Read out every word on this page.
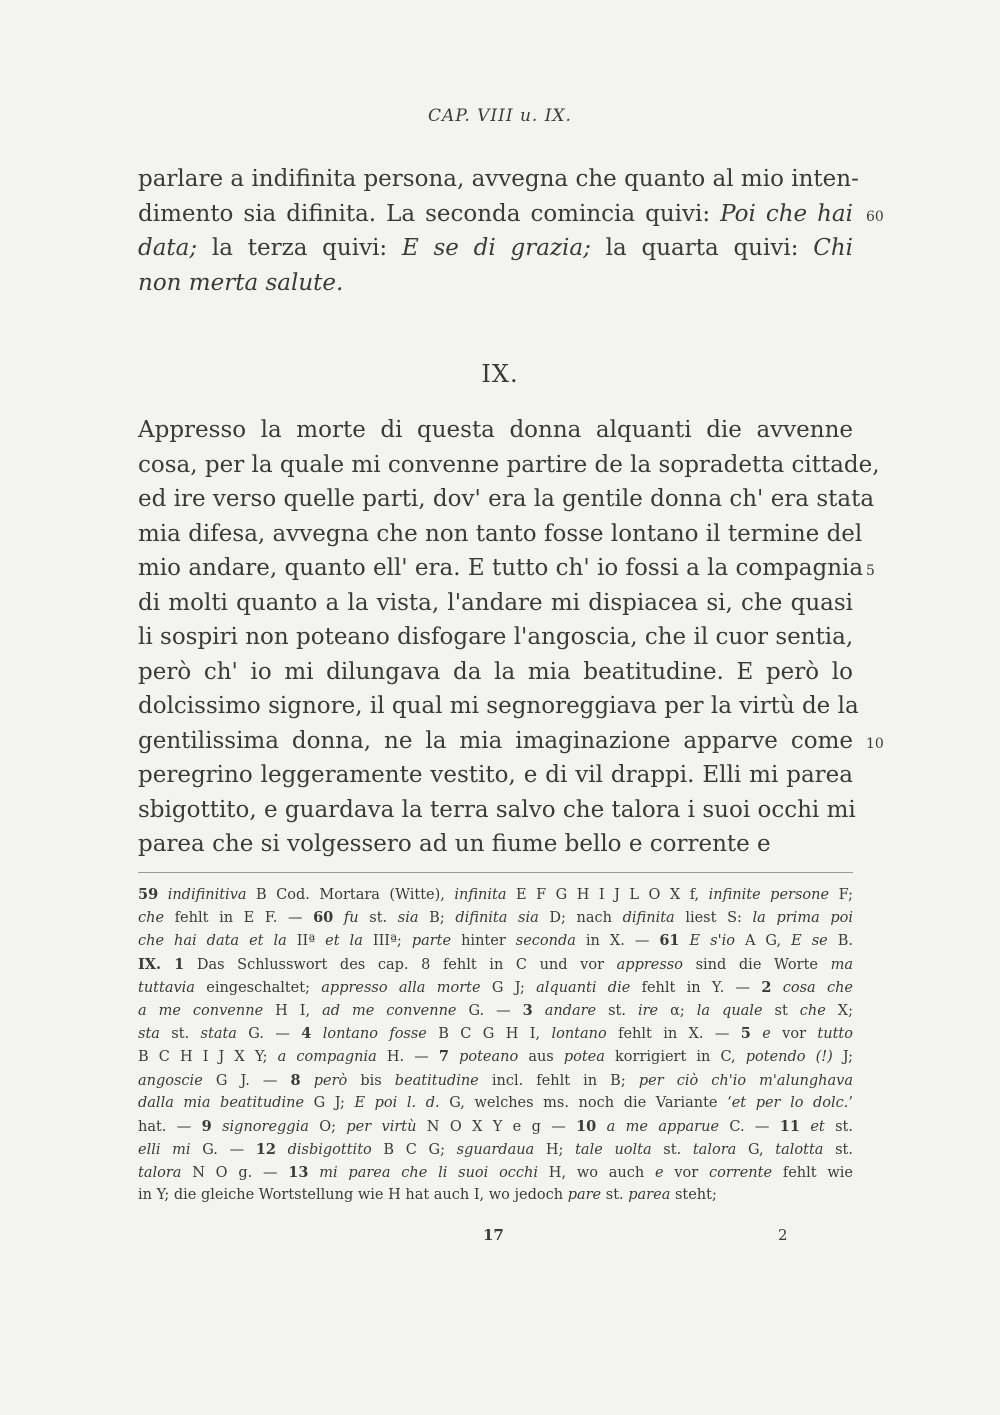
CAP. VIII u. IX.
parlare a indifinita persona, avvegna che quanto al mio inten-
dimento sia difinita. La seconda comincia quivi: Poi che hai
data; la terza quivi: E se di grazia; la quarta quivi: Chi
non merta salute.
IX.
Appresso la morte di questa donna alquanti die avvenne
cosa, per la quale mi convenne partire de la sopradetta cittade,
ed ire verso quelle parti, dov' era la gentile donna ch' era stata
mia difesa, avvegna che non tanto fosse lontano il termine del
mio andare, quanto ell' era. E tutto ch' io fossi a la compagnia
di molti quanto a la vista, l'andare mi dispiacea si, che quasi
li sospiri non poteano disfogare l'angoscia, che il cuor sentia,
però ch' io mi dilungava da la mia beatitudine. E però lo
dolcissimo signore, il qual mi segnoreggiava per la virtù de la
gentilissima donna, ne la mia imaginazione apparve come
peregrino leggeramente vestito, e di vil drappi. Elli mi parea
sbigottito, e guardava la terra salvo che talora i suoi occhi mi
parea che si volgessero ad un fiume bello e corrente e
60
5
10
59 indifinitiva B Cod. Mortara (Witte), infinita E F G H I J L O X f, infinite persone F;
che fehlt in E F. — 60 fu st. sia B; difinita sia D; nach difinita liest S: la prima poi
che hai data et la IIª et la IIIª; parte hinter seconda in X. — 61 E s'io A G, E se B.
IX. 1 Das Schlusswort des cap. 8 fehlt in C und vor appresso sind die Worte ma
tuttavia eingeschaltet; appresso alla morte G J; alquanti die fehlt in Y. — 2 cosa che
a me convenne H I, ad me convenne G. — 3 andare st. ire α; la quale st che X;
sta st. stata G. — 4 lontano fosse B C G H I, lontano fehlt in X. — 5 e vor tutto
B C H I J X Y; a compagnia H. — 7 poteano aus potea korrigiert in C, potendo (!) J;
angoscie G J. — 8 però bis beatitudine incl. fehlt in B; per ciò ch'io m'alunghava
dalla mia beatitudine G J; E poi l. d. G, welches ms. noch die Variante ‘et per lo dolc.’
hat. — 9 signoreggia O; per virtù N O X Y e g — 10 a me apparue C. — 11 et st.
elli mi G. — 12 disbigottito B C G; sguardaua H; tale uolta st. talora G, talotta st.
talora N O g. — 13 mi parea che li suoi occhi H, wo auch e vor corrente fehlt wie
in Y; die gleiche Wortstellung wie H hat auch I, wo jedoch pare st. parea steht;
17	2
